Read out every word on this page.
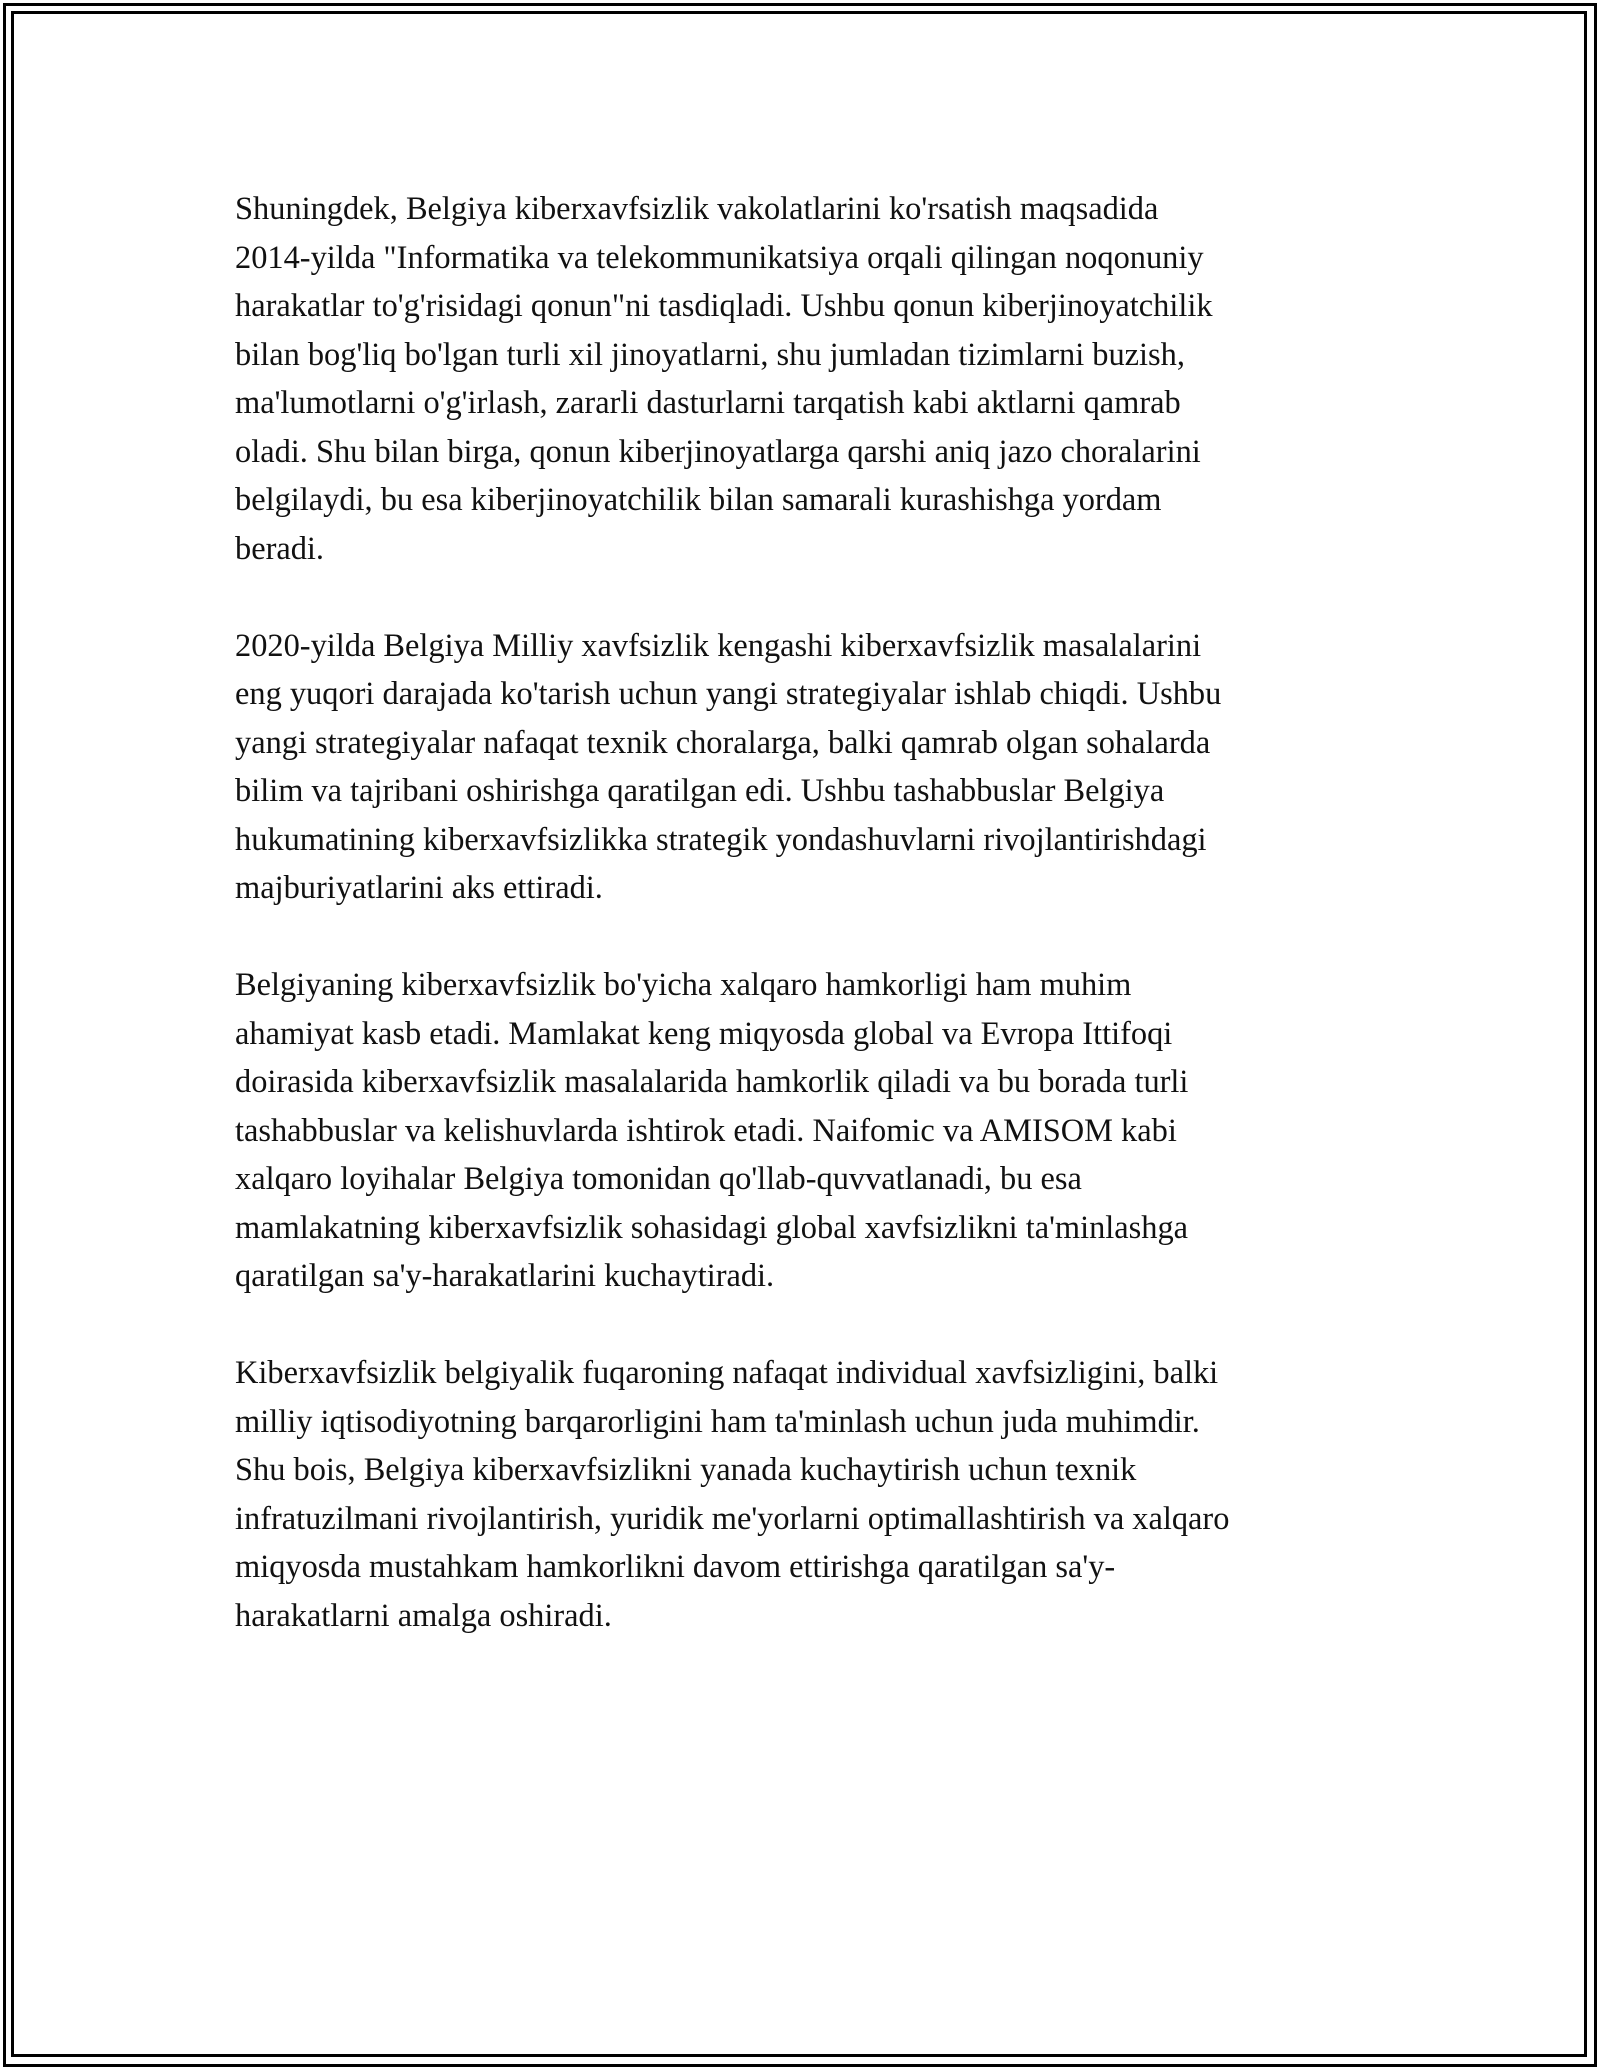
Shuningdek, Belgiya kiberxavfsizlik vakolatlarini ko'rsatish maqsadida
2014-yilda "Informatika va telekommunikatsiya orqali qilingan noqonuniy
harakatlar to'g'risidagi qonun"ni tasdiqladi. Ushbu qonun kiberjinoyatchilik
bilan bog'liq bo'lgan turli xil jinoyatlarni, shu jumladan tizimlarni buzish,
ma'lumotlarni o'g'irlash, zararli dasturlarni tarqatish kabi aktlarni qamrab
oladi. Shu bilan birga, qonun kiberjinoyatlarga qarshi aniq jazo choralarini
belgilaydi, bu esa kiberjinoyatchilik bilan samarali kurashishga yordam
beradi.

2020-yilda Belgiya Milliy xavfsizlik kengashi kiberxavfsizlik masalalarini
eng yuqori darajada ko'tarish uchun yangi strategiyalar ishlab chiqdi. Ushbu
yangi strategiyalar nafaqat texnik choralarga, balki qamrab olgan sohalarda
bilim va tajribani oshirishga qaratilgan edi. Ushbu tashabbuslar Belgiya
hukumatining kiberxavfsizlikka strategik yondashuvlarni rivojlantirishdagi
majburiyatlarini aks ettiradi.

Belgiyaning kiberxavfsizlik bo'yicha xalqaro hamkorligi ham muhim
ahamiyat kasb etadi. Mamlakat keng miqyosda global va Evropa Ittifoqi
doirasida kiberxavfsizlik masalalarida hamkorlik qiladi va bu borada turli
tashabbuslar va kelishuvlarda ishtirok etadi. Naifomic va AMISOM kabi
xalqaro loyihalar Belgiya tomonidan qo'llab-quvvatlanadi, bu esa
mamlakatning kiberxavfsizlik sohasidagi global xavfsizlikni ta'minlashga
qaratilgan sa'y-harakatlarini kuchaytiradi.

Kiberxavfsizlik belgiyalik fuqaroning nafaqat individual xavfsizligini, balki
milliy iqtisodiyotning barqarorligini ham ta'minlash uchun juda muhimdir.
Shu bois, Belgiya kiberxavfsizlikni yanada kuchaytirish uchun texnik
infratuzilmani rivojlantirish, yuridik me'yorlarni optimallashtirish va xalqaro
miqyosda mustahkam hamkorlikni davom ettirishga qaratilgan sa'y-
harakatlarni amalga oshiradi.
